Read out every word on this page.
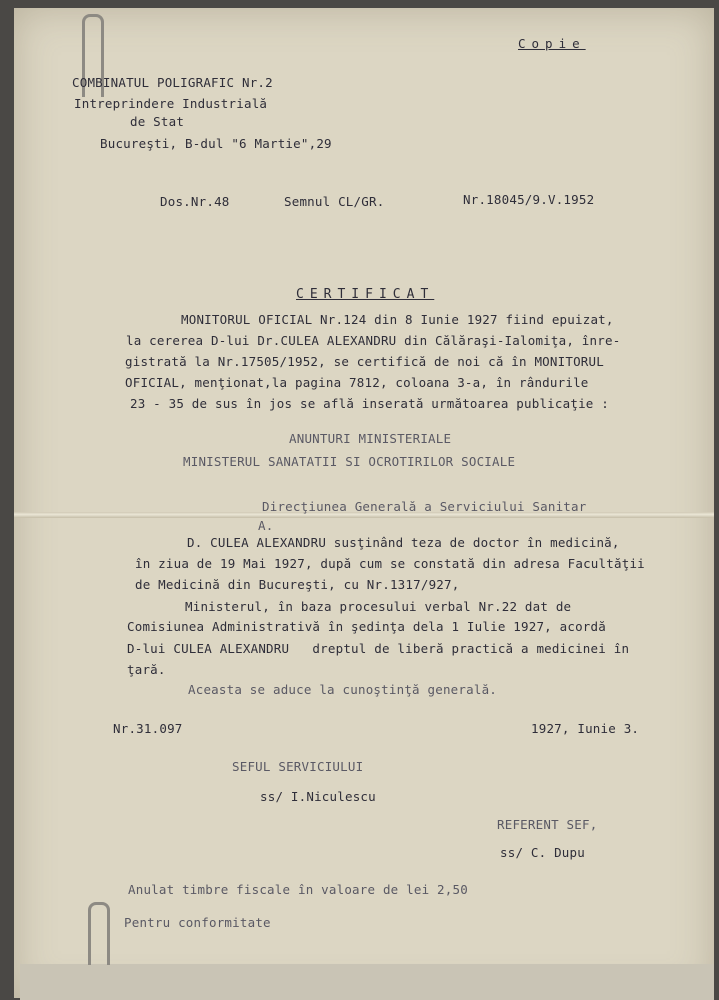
Copie
COMBINATUL POLIGRAFIC Nr.2
Intreprindere Industrială
de Stat
Bucureşti, B-dul "6 Martie",29
Dos.Nr.48	Semnul CL/GR.	Nr.18045/9.V.1952
CERTIFICAT
MONITORUL OFICIAL Nr.124 din 8 Iunie 1927 fiind epuizat,
la cererea D-lui Dr.CULEA ALEXANDRU din Călăraşi-Ialomiţa, înre-
gistrată la Nr.17505/1952, se certifică de noi că în MONITORUL
OFICIAL, menţionat,la pagina 7812, coloana 3-a, în rândurile
23 - 35 de sus în jos se află inserată următoarea publicaţie :
ANUNTURI MINISTERIALE
MINISTERUL SANATATII SI OCROTIRILOR SOCIALE
Direcţiunea Generală a Serviciului Sanitar
A.
D. CULEA ALEXANDRU susţinând teza de doctor în medicină,
în ziua de 19 Mai 1927, după cum se constată din adresa Facultăţii
de Medicină din Bucureşti, cu Nr.1317/927,
Ministerul, în baza procesului verbal Nr.22 dat de
Comisiunea Administrativă în şedinţa dela 1 Iulie 1927, acordă
D-lui CULEA ALEXANDRU   dreptul de liberă practică a medicinei în
ţară.
Aceasta se aduce la cunoştinţă generală.
Nr.31.097	1927, Iunie 3.
SEFUL SERVICIULUI
ss/ I.Niculescu
REFERENT SEF,
ss/ C. Dupu
Anulat timbre fiscale în valoare de lei 2,50
Pentru conformitate
